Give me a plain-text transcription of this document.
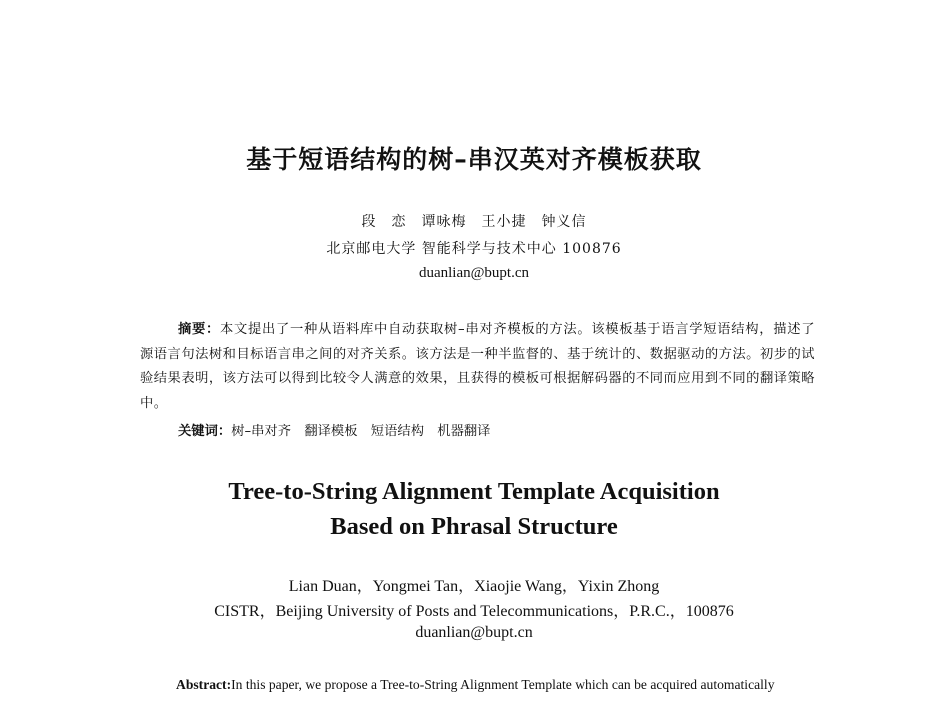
基于短语结构的树–串汉英对齐模板获取
段　恋　谭咏梅　王小捷　钟义信
北京邮电大学 智能科学与技术中心 100876
duanlian@bupt.cn
摘要：本文提出了一种从语料库中自动获取树–串对齐模板的方法。该模板基于语言学短语结构，描述了源语言句法树和目标语言串之间的对齐关系。该方法是一种半监督的、基于统计的、数据驱动的方法。初步的试验结果表明，该方法可以得到比较令人满意的效果，且获得的模板可根据解码器的不同而应用到不同的翻译策略中。
关键词：树–串对齐　翻译模板　短语结构　机器翻译
Tree-to-String Alignment Template Acquisition
Based on Phrasal Structure
Lian Duan，Yongmei Tan，Xiaojie Wang，Yixin Zhong
CISTR，Beijing University of Posts and Telecommunications，P.R.C.，100876
duanlian@bupt.cn
Abstract:In this paper, we propose a Tree-to-String Alignment Template which can be acquired automatically
